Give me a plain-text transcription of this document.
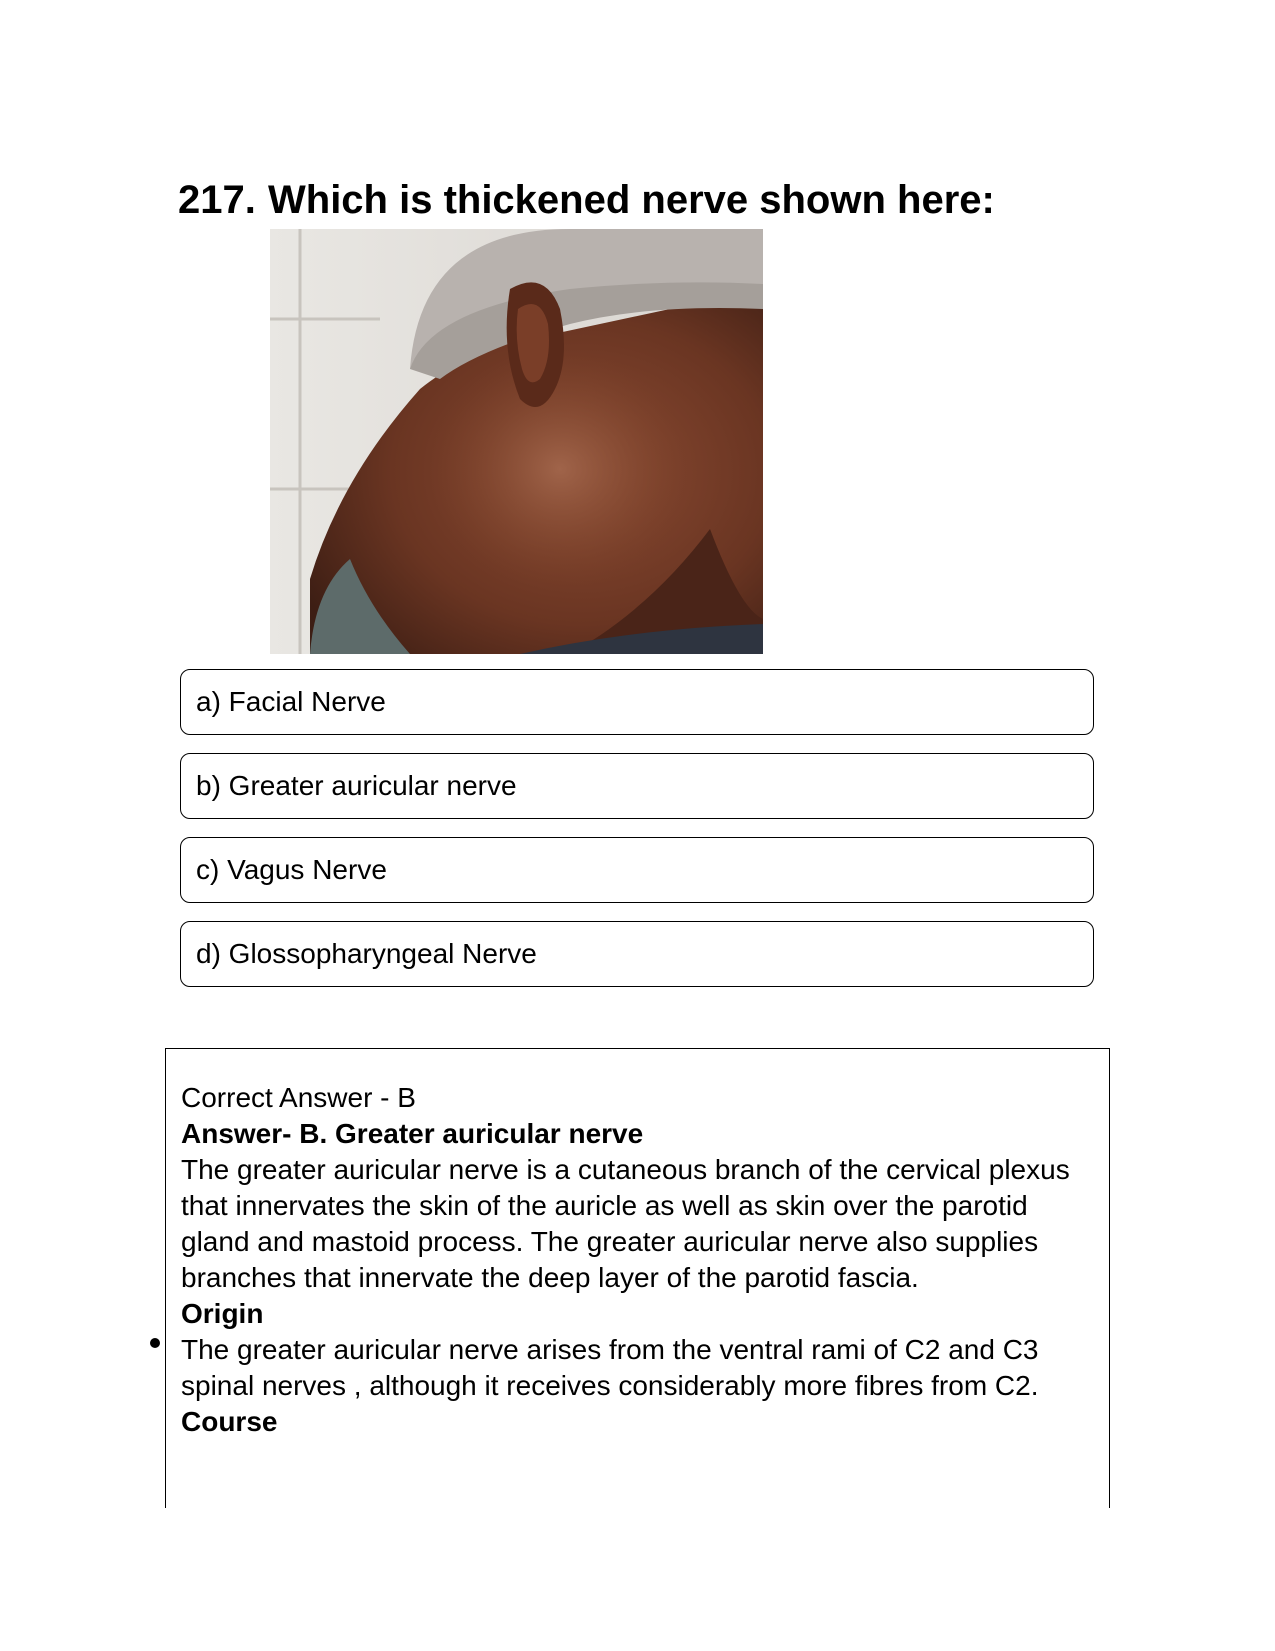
217. Which is thickened nerve shown here:
a) Facial Nerve
b) Greater auricular nerve
c) Vagus Nerve
d) Glossopharyngeal Nerve

Correct Answer - B

Answer- B. Greater auricular nerve

The greater auricular nerve is a cutaneous branch of the cervical plexus that innervates the skin of the auricle as well as skin over the parotid gland and mastoid process. The greater auricular nerve also supplies branches that innervate the deep layer of the parotid fascia.

Origin

The greater auricular nerve arises from the ventral rami of C2 and C3 spinal nerves , although it receives considerably more fibres from C2.

Course
